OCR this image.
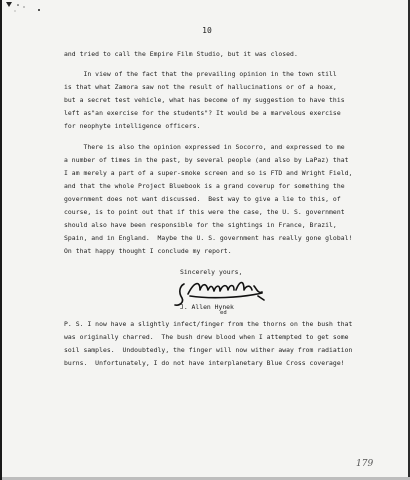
10
and tried to call the Empire Film Studio, but it was closed.
In view of the fact that the prevailing opinion in the town still
is that what Zamora saw not the result of hallucinations or of a hoax,
but a secret test vehicle, what has become of my suggestion to have this
left as"an exercise for the students"? It would be a marvelous exercise
for neophyte intelligence officers.
There is also the opinion expressed in Socorro, and expressed to me
a number of times in the past, by several people (and also by LaPaz) that
I am merely a part of a super-smoke screen and so is FTD and Wright Field,
and that the whole Project Bluebook is a grand coverup for something the
government does not want discussed.  Best way to give a lie to this, of
course, is to point out that if this were the case, the U. S. government
should also have been responsible for the sightings in France, Brazil,
Spain, and in England.  Maybe the U. S. government has really gone global!
On that happy thought I conclude my report.
Sincerely yours,
J. Allen Hynek
ed
P. S. I now have a slightly infect/finger from the thorns on the bush that
was originally charred.  The bush drew blood when I attempted to get some
soil samples.  Undoubtedly, the finger will now wither away from radiation
burns.  Unfortunately, I do not have interplanetary Blue Cross coverage!
179
